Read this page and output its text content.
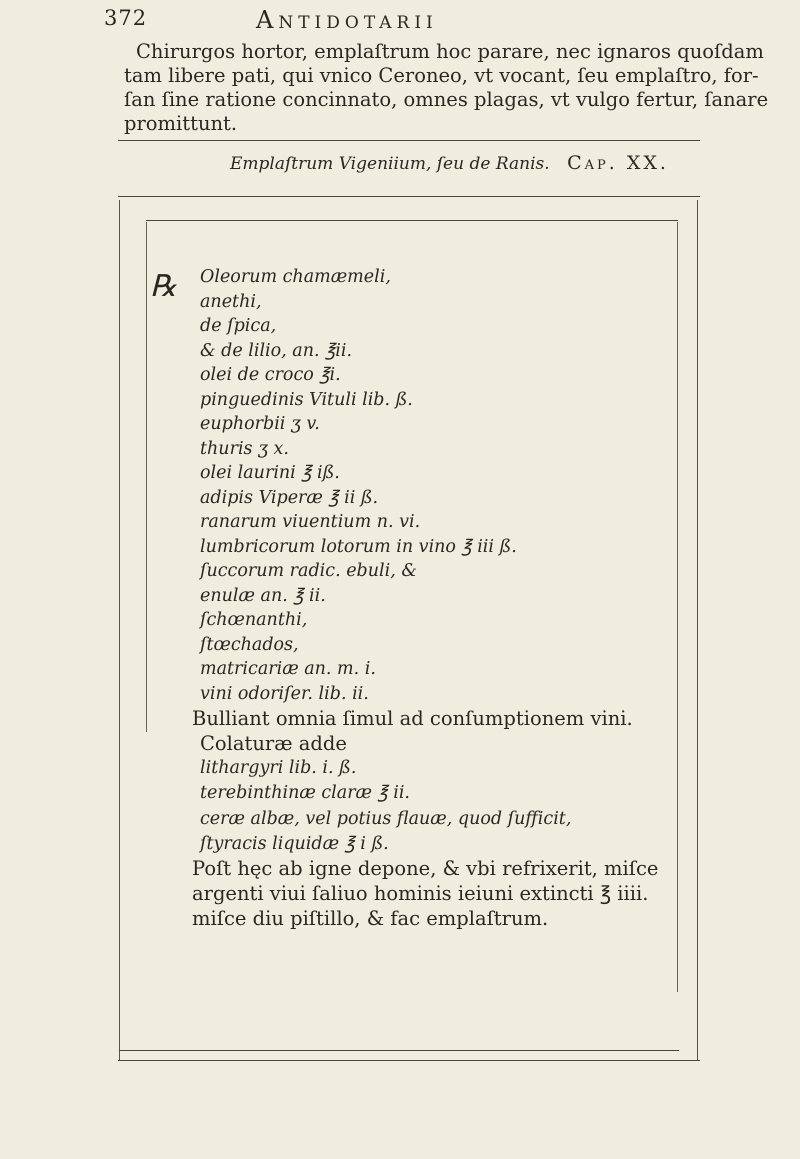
372	Antidotarii
Chirurgos hortor, emplaſtrum hoc parare, nec ignaros quoſdam
tam libere pati, qui vnico Ceroneo, vt vocant, ſeu emplaſtro, for-
ſan ſine ratione concinnato, omnes plagas, vt vulgo fertur, ſanare
promittunt.
Emplaſtrum Vigeniium, ſeu de Ranis. Cap. XX.
℞ Oleorum chamæmeli,
anethi,
de ſpica,
& de lilio, an. ℥ii.
olei de croco ℥i.
pinguedinis Vituli lib. ß.
euphorbii ʒ v.
thuris ʒ x.
olei laurini ℥ iß.
adipis Viperæ ℥ ii ß.
ranarum viuentium n. vi.
lumbricorum lotorum in vino ℥ iii ß.
ſuccorum radic. ebuli, &
enulæ an. ℥ ii.
ſchœnanthi,
ſtœchados,
matricariæ an. m. i.
vini odoriſer. lib. ii.
Bulliant omnia ſimul ad conſumptionem vini.
Colaturæ adde
lithargyri lib. i. ß.
terebinthinæ claræ ℥ ii.
ceræ albæ, vel potius flauæ, quod ſufficit,
ſtyracis liquidæ ℥ i ß.
Poſt hęc ab igne depone, & vbi refrixerit, miſce
argenti viui ſaliuo hominis ieiuni extincti ℥ iiii.
miſce diu piſtillo, & fac emplaſtrum.
